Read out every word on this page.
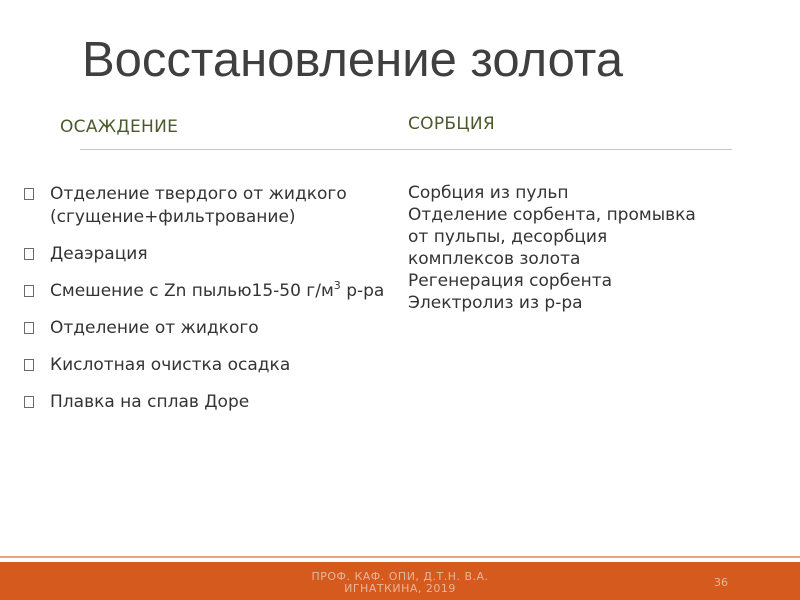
Восстановление золота
ОСАЖДЕНИЕ	СОРБЦИЯ
Отделение твердого от жидкого (сгущение+фильтрование)
Деаэрация
Смешение с Zn пылью15-50 $г/м^3$ р-ра
Отделение от жидкого
Кислотная очистка осадка
Плавка на сплав Доре
Сорбция из пульп
Отделение сорбента, промывка
от пульпы, десорбция
комплексов золота
Регенерация сорбента
Электролиз из р-ра
ПРОФ. КАФ. ОПИ, Д.Т.Н. В.А.
ИГНАТКИНА, 2019	36
